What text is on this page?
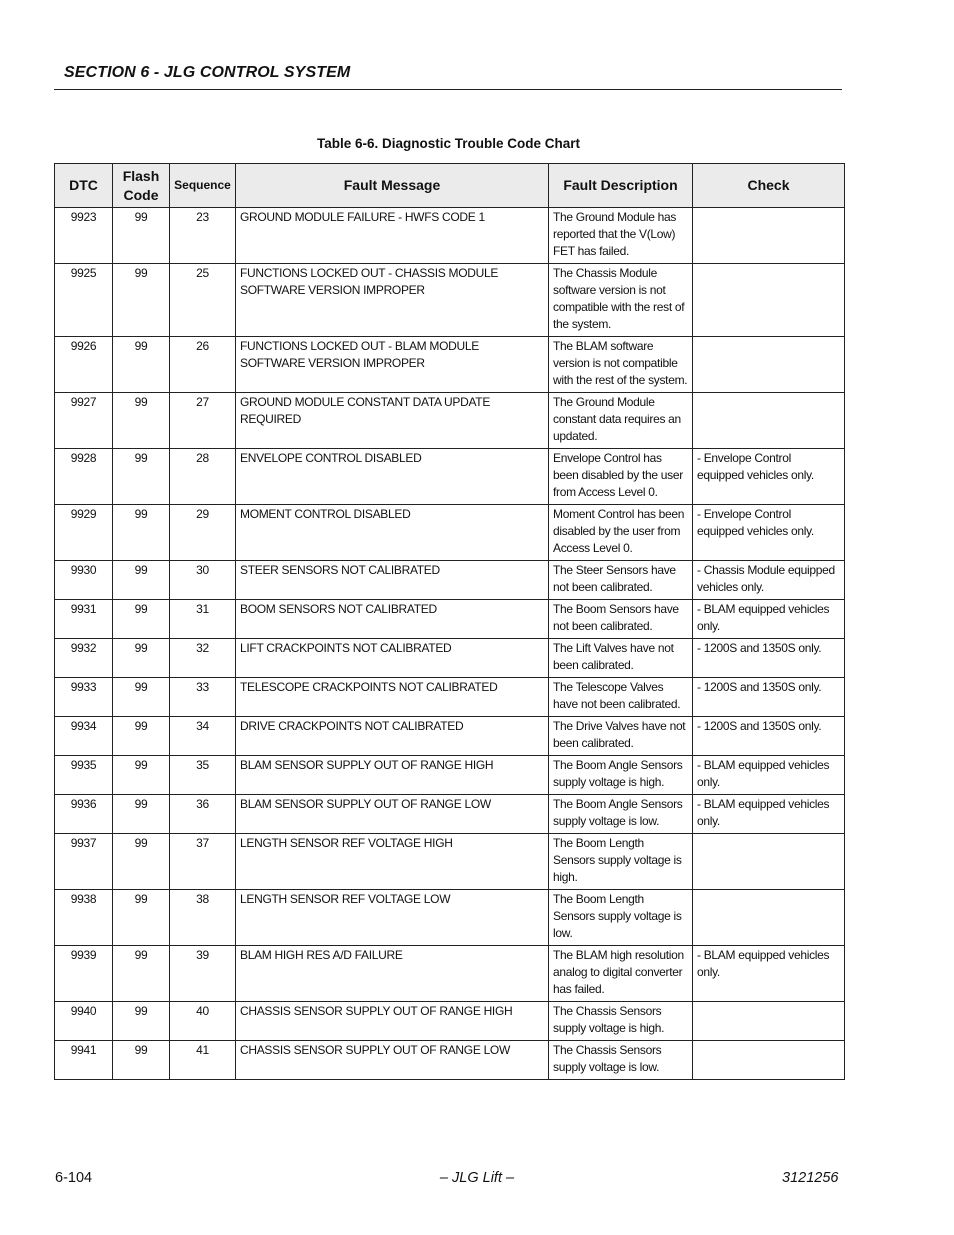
SECTION 6 - JLG CONTROL SYSTEM
Table 6-6. Diagnostic Trouble Code Chart
DTC	Flash Code	Sequence	Fault Message	Fault Description	Check
9923	99	23	GROUND MODULE FAILURE - HWFS CODE 1	The Ground Module has reported that the V(Low) FET has failed.	
9925	99	25	FUNCTIONS LOCKED OUT - CHASSIS MODULE SOFTWARE VERSION IMPROPER	The Chassis Module software version is not compatible with the rest of the system.	
9926	99	26	FUNCTIONS LOCKED OUT - BLAM MODULE SOFTWARE VERSION IMPROPER	The BLAM software version is not compatible with the rest of the system.	
9927	99	27	GROUND MODULE CONSTANT DATA UPDATE REQUIRED	The Ground Module constant data requires an updated.	
9928	99	28	ENVELOPE CONTROL DISABLED	Envelope Control has been disabled by the user from Access Level 0.	- Envelope Control equipped vehicles only.
9929	99	29	MOMENT CONTROL DISABLED	Moment Control has been disabled by the user from Access Level 0.	- Envelope Control equipped vehicles only.
9930	99	30	STEER SENSORS NOT CALIBRATED	The Steer Sensors have not been calibrated.	- Chassis Module equipped vehicles only.
9931	99	31	BOOM SENSORS NOT CALIBRATED	The Boom Sensors have not been calibrated.	- BLAM equipped vehicles only.
9932	99	32	LIFT CRACKPOINTS NOT CALIBRATED	The Lift Valves have not been calibrated.	- 1200S and 1350S only.
9933	99	33	TELESCOPE CRACKPOINTS NOT CALIBRATED	The Telescope Valves have not been calibrated.	- 1200S and 1350S only.
9934	99	34	DRIVE CRACKPOINTS NOT CALIBRATED	The Drive Valves have not been calibrated.	- 1200S and 1350S only.
9935	99	35	BLAM SENSOR SUPPLY OUT OF RANGE HIGH	The Boom Angle Sensors supply voltage is high.	- BLAM equipped vehicles only.
9936	99	36	BLAM SENSOR SUPPLY OUT OF RANGE LOW	The Boom Angle Sensors supply voltage is low.	- BLAM equipped vehicles only.
9937	99	37	LENGTH SENSOR REF VOLTAGE HIGH	The Boom Length Sensors supply voltage is high.	
9938	99	38	LENGTH SENSOR REF VOLTAGE LOW	The Boom Length Sensors supply voltage is low.	
9939	99	39	BLAM HIGH RES A/D FAILURE	The BLAM high resolution analog to digital converter has failed.	- BLAM equipped vehicles only.
9940	99	40	CHASSIS SENSOR SUPPLY OUT OF RANGE HIGH	The Chassis Sensors supply voltage is high.	
9941	99	41	CHASSIS SENSOR SUPPLY OUT OF RANGE LOW	The Chassis Sensors supply voltage is low.	
6-104	– JLG Lift –	3121256
